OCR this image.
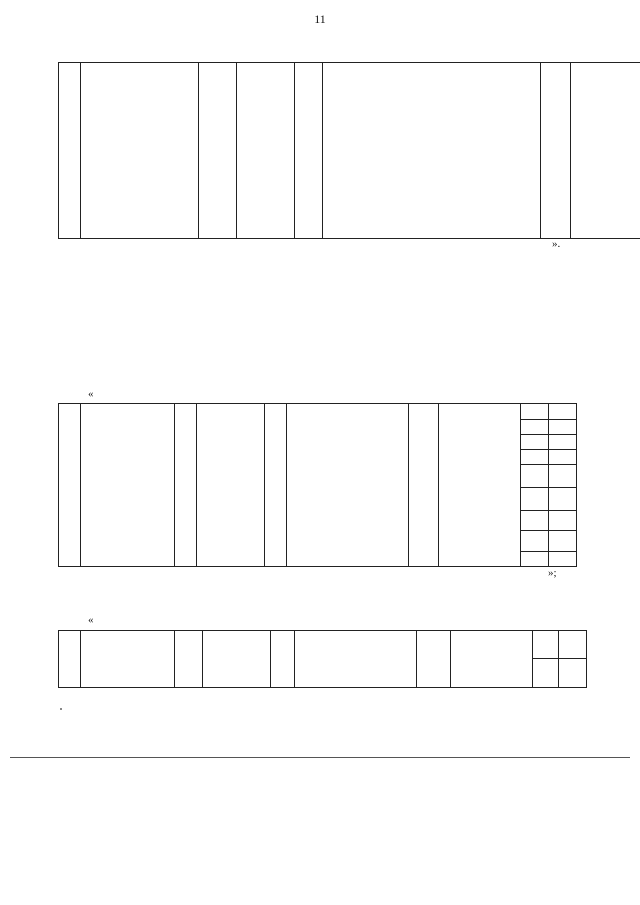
11

».

«

»;

«
